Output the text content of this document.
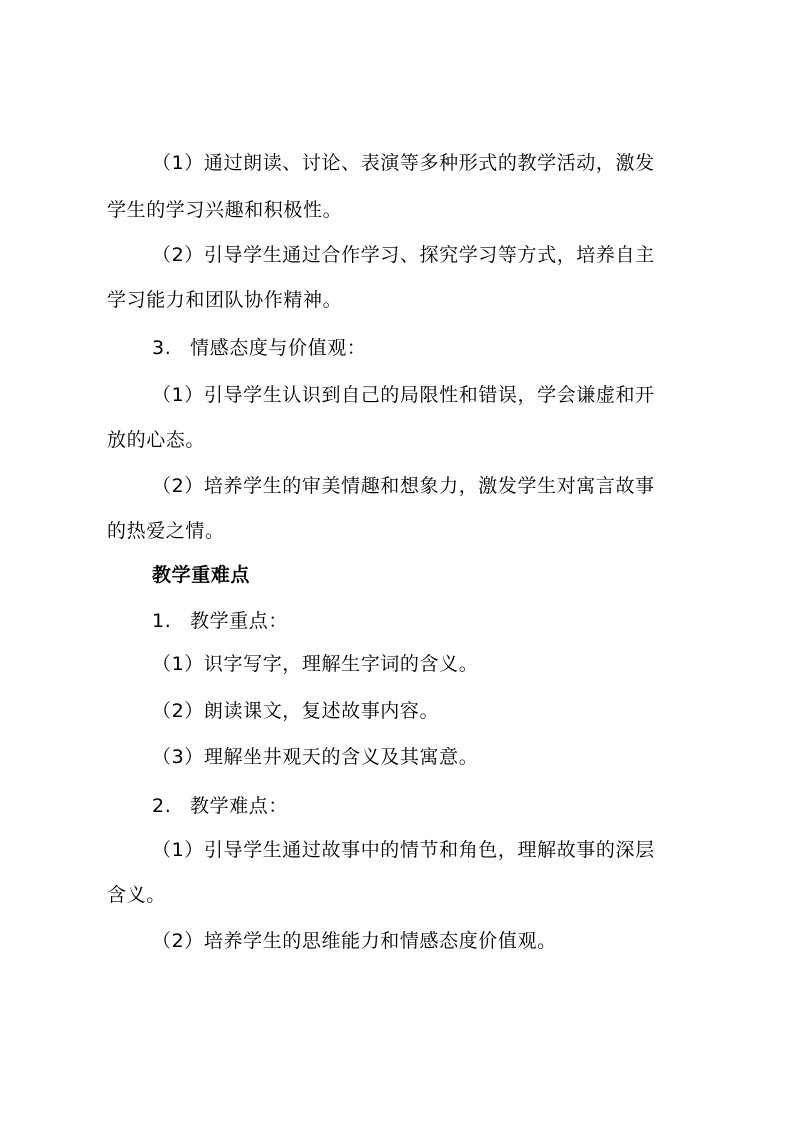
（1）通过朗读、讨论、表演等多种形式的教学活动，激发
学生的学习兴趣和积极性。
（2）引导学生通过合作学习、探究学习等方式，培养自主
学习能力和团队协作精神。
3. 情感态度与价值观：
（1）引导学生认识到自己的局限性和错误，学会谦虚和开
放的心态。
（2）培养学生的审美情趣和想象力，激发学生对寓言故事
的热爱之情。
教学重难点
1. 教学重点：
（1）识字写字，理解生字词的含义。
（2）朗读课文，复述故事内容。
（3）理解坐井观天的含义及其寓意。
2. 教学难点：
（1）引导学生通过故事中的情节和角色，理解故事的深层
含义。
（2）培养学生的思维能力和情感态度价值观。
